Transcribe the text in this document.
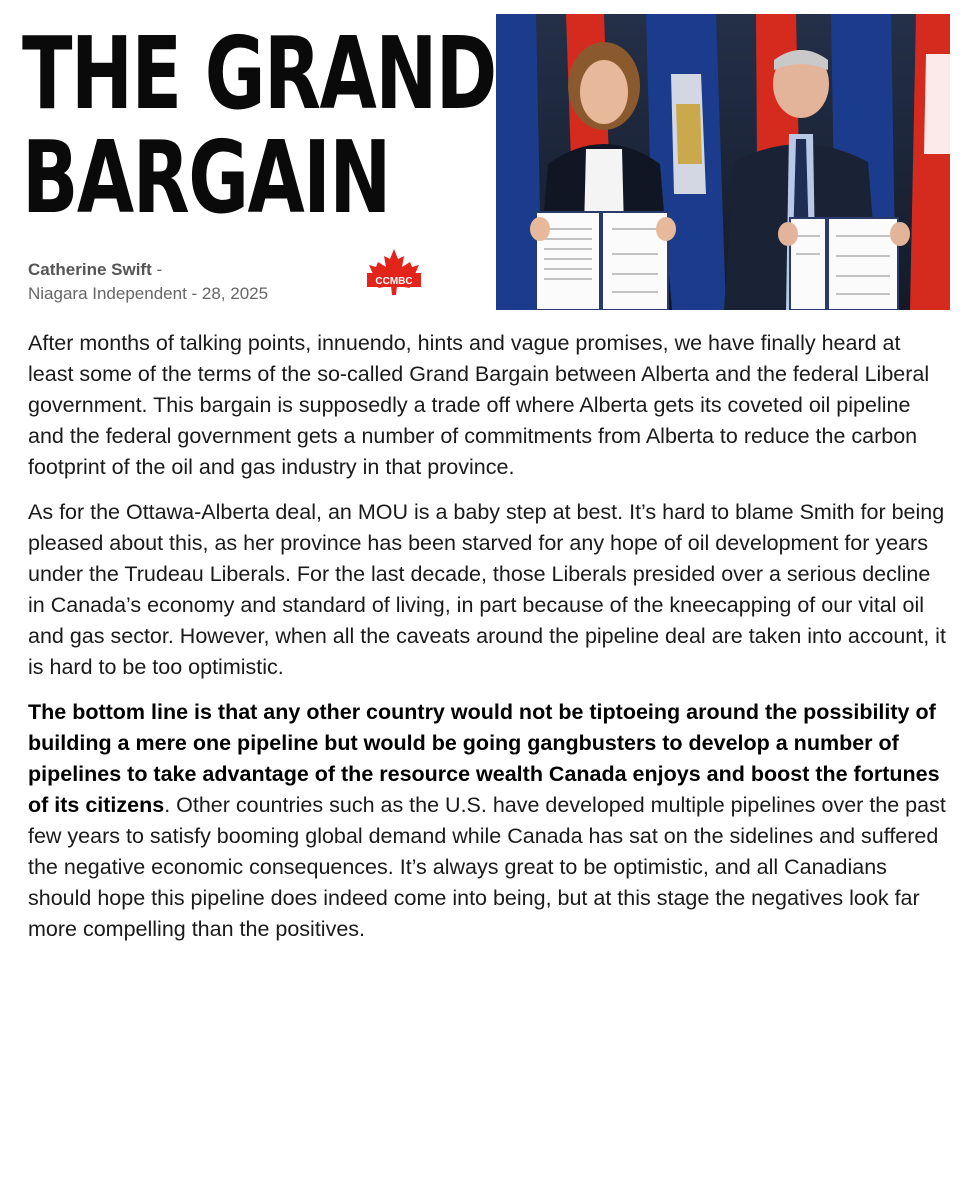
THE GRAND
BARGAIN
Catherine Swift -
Niagara Independent - 28, 2025
CCMBC

After months of talking points, innuendo, hints and vague promises, we have finally heard at least some of the terms of the so-called Grand Bargain between Alberta and the federal Liberal government. This bargain is supposedly a trade off where Alberta gets its coveted oil pipeline and the federal government gets a number of commitments from Alberta to reduce the carbon footprint of the oil and gas industry in that province.

As for the Ottawa-Alberta deal, an MOU is a baby step at best. It’s hard to blame Smith for being pleased about this, as her province has been starved for any hope of oil development for years under the Trudeau Liberals. For the last decade, those Liberals presided over a serious decline in Canada’s economy and standard of living, in part because of the kneecapping of our vital oil and gas sector. However, when all the caveats around the pipeline deal are taken into account, it is hard to be too optimistic.

The bottom line is that any other country would not be tiptoeing around the possibility of building a mere one pipeline but would be going gangbusters to develop a number of pipelines to take advantage of the resource wealth Canada enjoys and boost the fortunes of its citizens. Other countries such as the U.S. have developed multiple pipelines over the past few years to satisfy booming global demand while Canada has sat on the sidelines and suffered the negative economic consequences. It’s always great to be optimistic, and all Canadians should hope this pipeline does indeed come into being, but at this stage the negatives look far more compelling than the positives.
